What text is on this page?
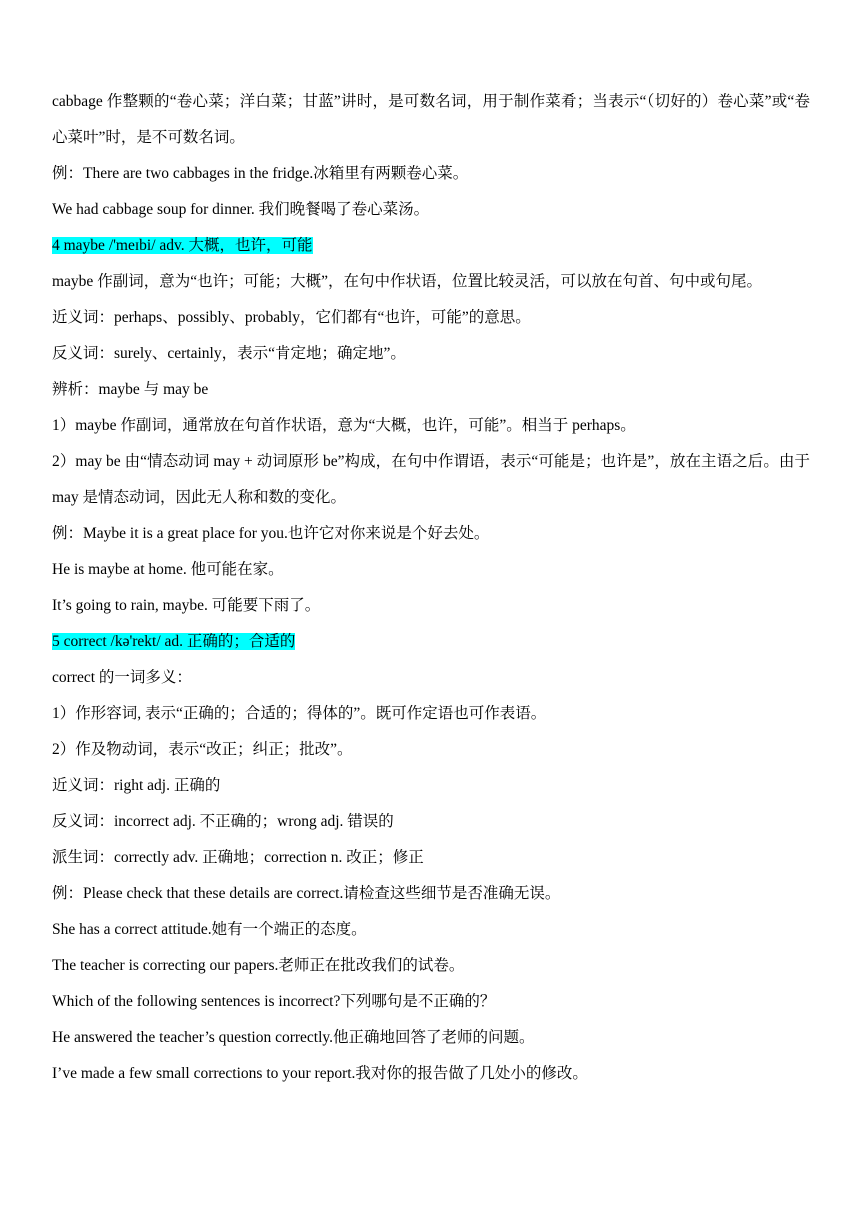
cabbage 作整颗的“卷心菜；洋白菜；甘蓝”讲时，是可数名词，用于制作菜肴；当表示“（切好的）卷心菜”或“卷心菜叶”时，是不可数名词。
例：There are two cabbages in the fridge.冰箱里有两颗卷心菜。
We had cabbage soup for dinner. 我们晚餐喝了卷心菜汤。
4 maybe /'meɪbi/ adv. 大概，也许，可能
maybe 作副词，意为“也许；可能；大概”，在句中作状语，位置比较灵活，可以放在句首、句中或句尾。
近义词：perhaps、possibly、probably，它们都有“也许，可能”的意思。
反义词：surely、certainly，表示“肯定地；确定地”。
辨析：maybe 与 may be
1）maybe 作副词，通常放在句首作状语，意为“大概，也许，可能”。相当于 perhaps。
2）may be 由“情态动词 may + 动词原形 be”构成，在句中作谓语，表示“可能是；也许是”，放在主语之后。由于 may 是情态动词，因此无人称和数的变化。
例：Maybe it is a great place for you.也许它对你来说是个好去处。
He is maybe at home. 他可能在家。
It’s going to rain, maybe. 可能要下雨了。
5 correct /kə'rekt/ ad. 正确的；合适的
correct 的一词多义：
1）作形容词, 表示“正确的；合适的；得体的”。既可作定语也可作表语。
2）作及物动词，表示“改正；纠正；批改”。
近义词：right adj. 正确的
反义词：incorrect adj. 不正确的；wrong adj. 错误的
派生词：correctly adv. 正确地；correction n. 改正；修正
例：Please check that these details are correct.请检查这些细节是否准确无误。
She has a correct attitude.她有一个端正的态度。
The teacher is correcting our papers.老师正在批改我们的试卷。
Which of the following sentences is incorrect?下列哪句是不正确的？
He answered the teacher’s question correctly.他正确地回答了老师的问题。
I’ve made a few small corrections to your report.我对你的报告做了几处小的修改。
